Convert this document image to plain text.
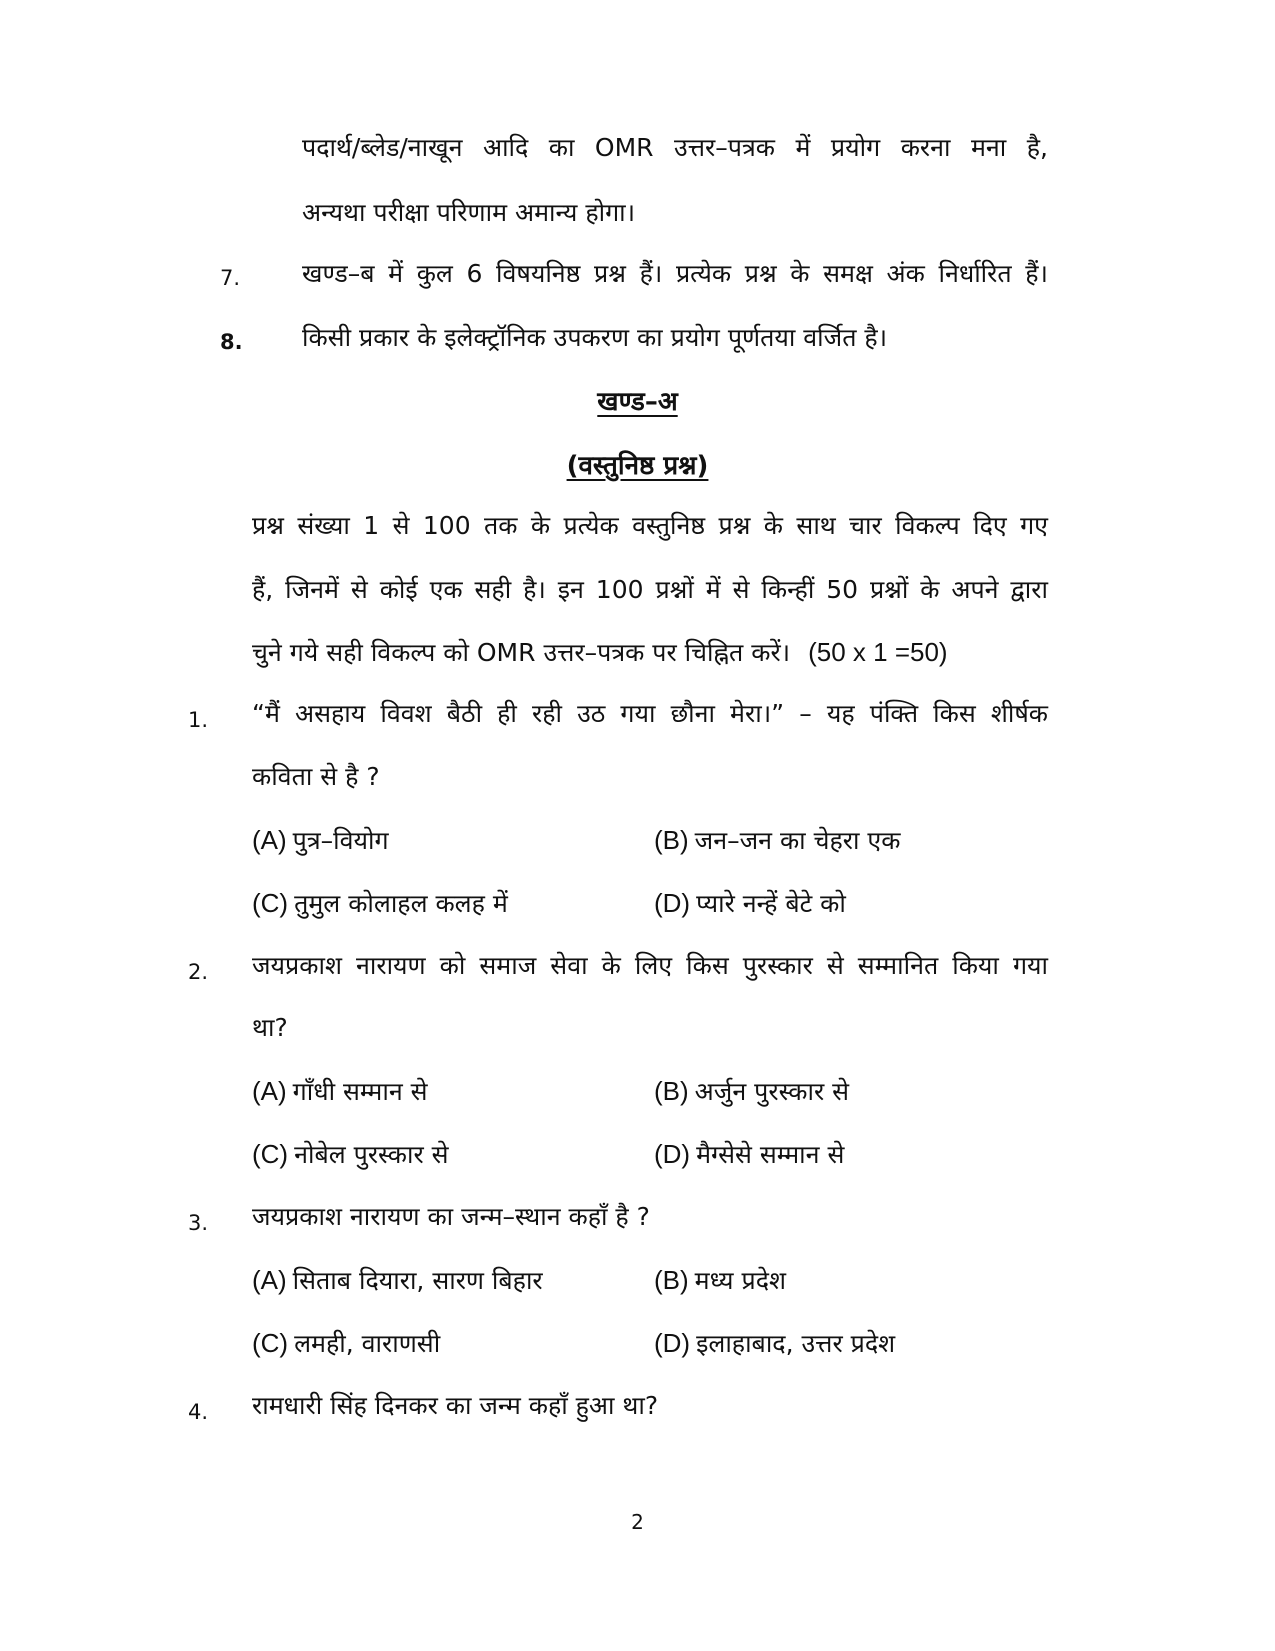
पदार्थ/ब्लेड/नाखून आदि का OMR उत्तर–पत्रक में प्रयोग करना मना है,
अन्यथा परीक्षा परिणाम अमान्य होगा।
7. खण्ड–ब में कुल 6 विषयनिष्ठ प्रश्न हैं। प्रत्येक प्रश्न के समक्ष अंक निर्धारित हैं।
8. किसी प्रकार के इलेक्ट्रॉनिक उपकरण का प्रयोग पूर्णतया वर्जित है।
खण्ड–अ
(वस्तुनिष्ठ प्रश्न)
प्रश्न संख्या 1 से 100 तक के प्रत्येक वस्तुनिष्ठ प्रश्न के साथ चार विकल्प दिए गए
हैं, जिनमें से कोई एक सही है। इन 100 प्रश्नों में से किन्हीं 50 प्रश्नों के अपने द्वारा
चुने गये सही विकल्प को OMR उत्तर–पत्रक पर चिह्नित करें। (50 x 1 =50)
1. “मैं असहाय विवश बैठी ही रही उठ गया छौना मेरा।” – यह पंक्ति किस शीर्षक
कविता से है ?
(A) पुत्र–वियोग	(B) जन–जन का चेहरा एक
(C) तुमुल कोलाहल कलह में	(D) प्यारे नन्हें बेटे को
2. जयप्रकाश नारायण को समाज सेवा के लिए किस पुरस्कार से सम्मानित किया गया
था?
(A) गाँधी सम्मान से	(B) अर्जुन पुरस्कार से
(C) नोबेल पुरस्कार से	(D) मैग्सेसे सम्मान से
3. जयप्रकाश नारायण का जन्म–स्थान कहाँ है ?
(A) सिताब दियारा, सारण बिहार	(B) मध्य प्रदेश
(C) लमही, वाराणसी	(D) इलाहाबाद, उत्तर प्रदेश
4. रामधारी सिंह दिनकर का जन्म कहाँ हुआ था?
2
